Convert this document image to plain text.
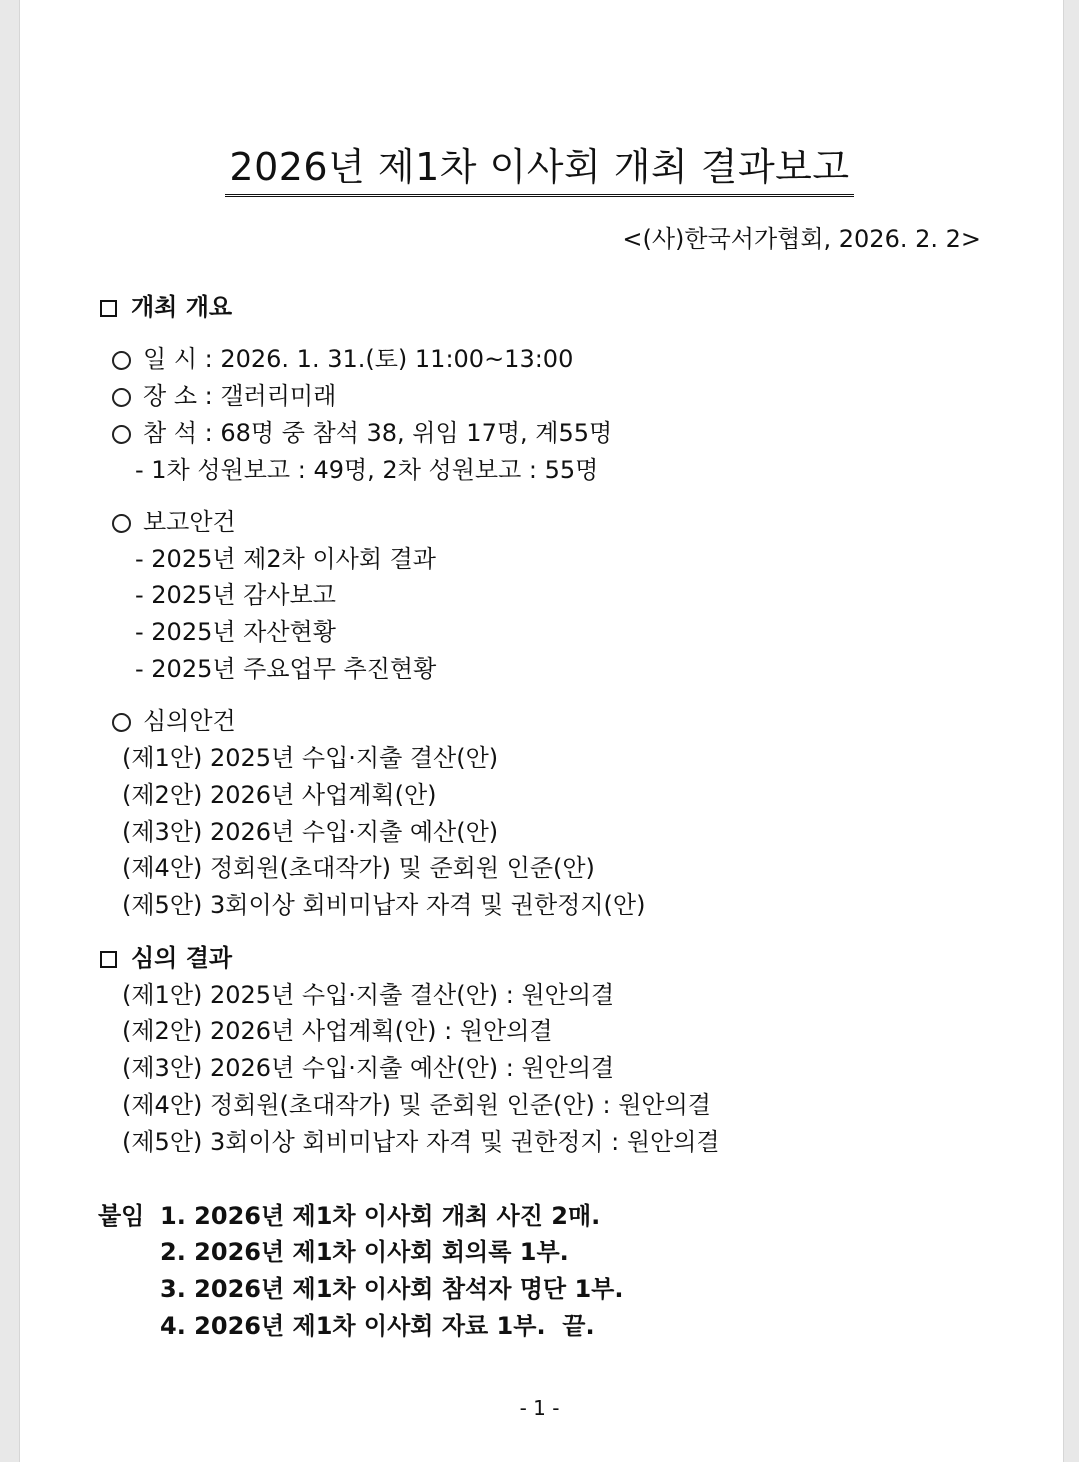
2026년 제1차 이사회 개최 결과보고
<(사)한국서가협회, 2026. 2. 2>
개최 개요
일 시 : 2026. 1. 31.(토) 11:00~13:00
장 소 : 갤러리미래
참 석 : 68명 중 참석 38, 위임 17명, 계55명
- 1차 성원보고 : 49명, 2차 성원보고 : 55명
보고안건
- 2025년 제2차 이사회 결과
- 2025년 감사보고
- 2025년 자산현황
- 2025년 주요업무 추진현황
심의안건
(제1안) 2025년 수입·지출 결산(안)
(제2안) 2026년 사업계획(안)
(제3안) 2026년 수입·지출 예산(안)
(제4안) 정회원(초대작가) 및 준회원 인준(안)
(제5안) 3회이상 회비미납자 자격 및 권한정지(안)
심의 결과
(제1안) 2025년 수입·지출 결산(안) : 원안의결
(제2안) 2026년 사업계획(안) : 원안의결
(제3안) 2026년 수입·지출 예산(안) : 원안의결
(제4안) 정회원(초대작가) 및 준회원 인준(안) : 원안의결
(제5안) 3회이상 회비미납자 자격 및 권한정지 : 원안의결
붙임 1. 2026년 제1차 이사회 개최 사진 2매.
2. 2026년 제1차 이사회 회의록 1부.
3. 2026년 제1차 이사회 참석자 명단 1부.
4. 2026년 제1차 이사회 자료 1부.  끝.
- 1 -
